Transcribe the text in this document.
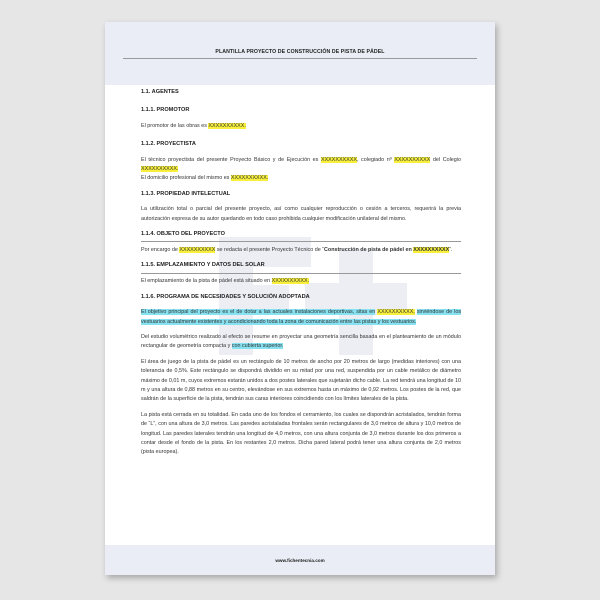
PLANTILLA PROYECTO DE CONSTRUCCIÓN DE PISTA DE PÁDEL

1.1. AGENTES

1.1.1. PROMOTOR

El promotor de las obras es XXXXXXXXXX.

1.1.2. PROYECTISTA

El técnico proyectista del presente Proyecto Básico y de Ejecución es XXXXXXXXXX, colegiado nº XXXXXXXXXX del Colegio XXXXXXXXXX.

El domicilio profesional del mismo es XXXXXXXXXX.

1.1.3. PROPIEDAD INTELECTUAL

La utilización total o parcial del presente proyecto, así como cualquier reproducción o cesión a terceros, requerirá la previa autorización expresa de su autor quedando en todo caso prohibida cualquier modificación unilateral del mismo.

1.1.4. OBJETO DEL PROYECTO

Por encargo de XXXXXXXXXX se redacta el presente Proyecto Técnico de “Construcción de pista de pádel en XXXXXXXXXX”.

1.1.5. EMPLAZAMIENTO Y DATOS DEL SOLAR

El emplazamiento de la pista de pádel está situado en XXXXXXXXXX.

1.1.6. PROGRAMA DE NECESIDADES Y SOLUCIÓN ADOPTADA

El objetivo principal del proyecto es el de dotar a las actuales instalaciones deportivas, sitas en XXXXXXXXXX, sirviéndose de los vestuarios actualmente existentes y acondicionando toda la zona de comunicación entre las pistas y los vestuarios.

Del estudio volumétrico realizado al efecto se resume en proyectar una geometría sencilla basada en el planteamiento de un módulo rectangular de geometría compacta y con cubierta superior.

El área de juego de la pista de pádel es un rectángulo de 10 metros de ancho por 20 metros de largo (medidas interiores) con una tolerancia de 0,5%. Este rectángulo se dispondrá dividido en su mitad por una red, suspendida por un cable metálico de diámetro máximo de 0,01 m, cuyos extremos estarán unidos a dos postes laterales que sujetarán dicho cable. La red tendrá una longitud de 10 m y una altura de 0,88 metros en su centro, elevándose en sus extremos hasta un máximo de 0,92 metros. Los postes de la red, que saldrán de la superficie de la pista, tendrán sus caras interiores coincidiendo con los límites laterales de la pista.

La pista está cerrada en su totalidad. En cada uno de los fondos el cerramiento, los cuales se dispondrán acristalados, tendrán forma de “L”, con una altura de 3,0 metros. Las paredes acristaladas frontales serán rectangulares de 3,0 metros de altura y 10,0 metros de longitud. Las paredes laterales tendrán una longitud de 4,0 metros, con una altura conjunta de 3,0 metros durante los dos primeros a contar desde el fondo de la pista. En los restantes 2,0 metros. Dicha pared lateral podrá tener una altura conjunta de 2,0 metros (pista europea).

www.fichentecnia.com
